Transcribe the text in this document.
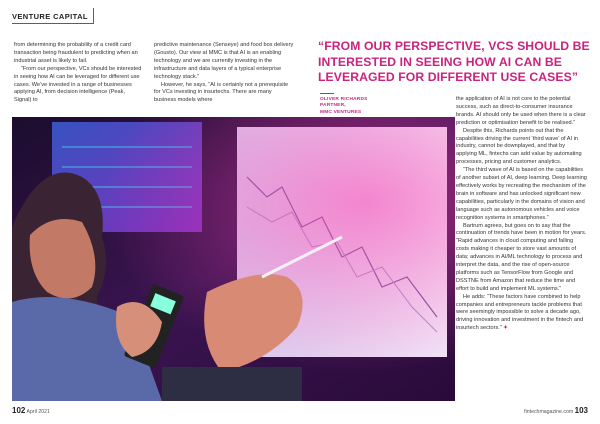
VENTURE CAPITAL

from determining the probability of a credit card transaction being fraudulent to predicting when an industrial asset is likely to fail.

“From our perspective, VCs should be interested in seeing how AI can be leveraged for different use cases. We’ve invested in a range of businesses applying AI, from decision intelligence (Peak, Signal) to

predictive maintenance (Senseye) and food box delivery (Gousto). Our view at MMC is that AI is an enabling technology and we are currently investing in the infrastructure and data layers of a typical enterprise technology stack.”

However, he says, “AI is certainly not a prerequisite for VCs investing in insurtechs. There are many business models where

“FROM OUR PERSPECTIVE, VCS SHOULD BE INTERESTED IN SEEING HOW AI CAN BE LEVERAGED FOR DIFFERENT USE CASES”
OLIVER RICHARDS
PARTNER,
MMC VENTURES

the application of AI is not core to the potential success, such as direct-to-consumer insurance brands. AI should only be used when there is a clear prediction or optimisation benefit to be realised.”

Despite this, Richards points out that the capabilities driving the current ‘third wave’ of AI in industry, cannot be downplayed, and that by applying ML, fintechs can add value by automating processes, pricing and customer analytics.

“The third wave of AI is based on the capabilities of another subset of AI, deep learning. Deep learning effectively works by recreating the mechanism of the brain in software and has unlocked significant new capabilities, particularly in the domains of vision and language such as autonomous vehicles and voice recognition systems in smartphones.”

Bartrum agrees, but goes on to say that the continuation of trends have been in motion for years. “Rapid advances in cloud computing and falling costs making it cheaper to store vast amounts of data; advances in AI/ML technology to process and interpret the data, and the rise of open-source platforms such as TensorFlow from Google and DSSTNE from Amazon that reduce the time and effort to build and implement ML systems.”

He adds: “These factors have combined to help companies and entrepreneurs tackle problems that were seemingly impossible to solve a decade ago, driving innovation and investment in the fintech and insurtech sectors.” ✦

102 April 2021	fintechmagazine.com 103
